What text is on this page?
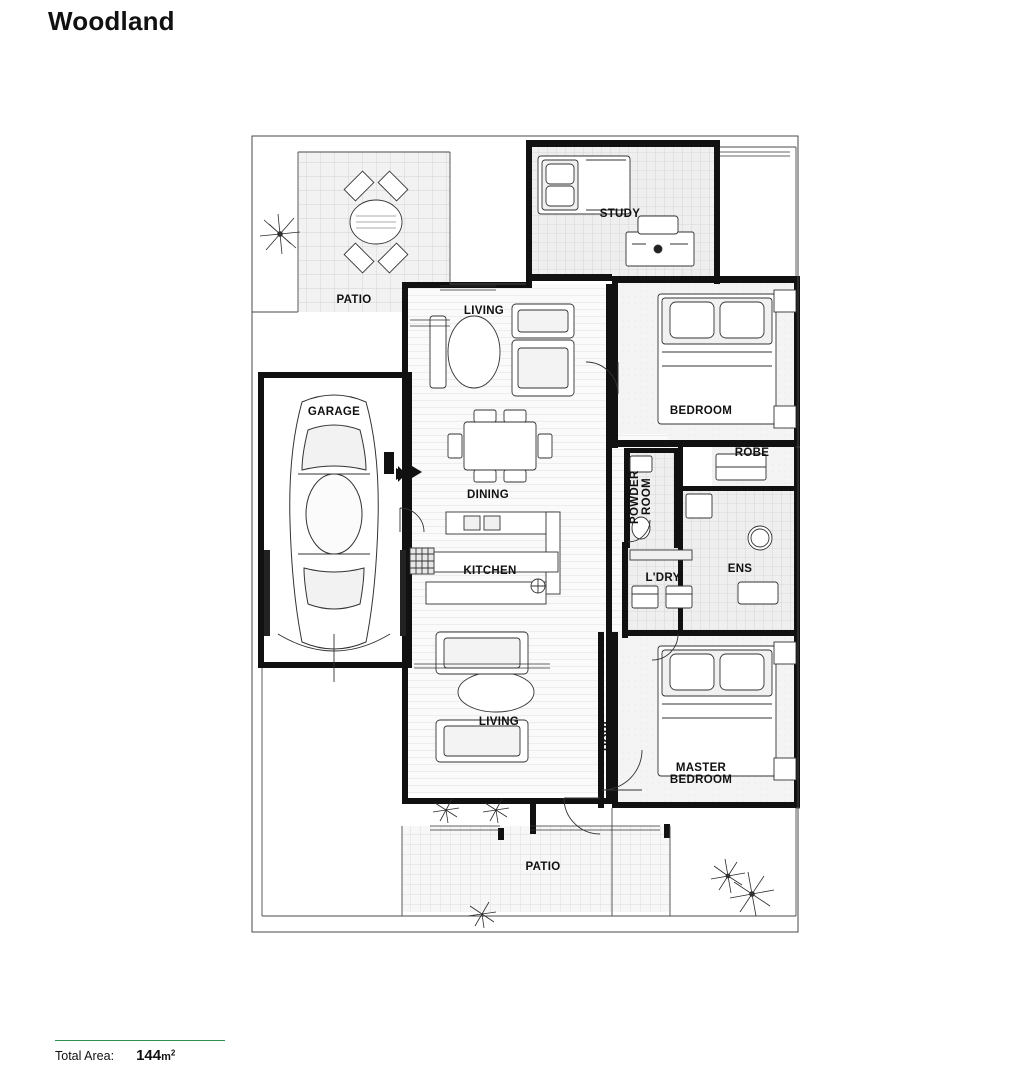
Woodland
PATIO
STUDY
LIVING
BEDROOM
GARAGE
ROBE
DINING	POWDER
ROOM
KITCHEN
L'DRY
ENS
LIVING	ROBE
MASTER
BEDROOM
PATIO
Total Area: $144m^2$
